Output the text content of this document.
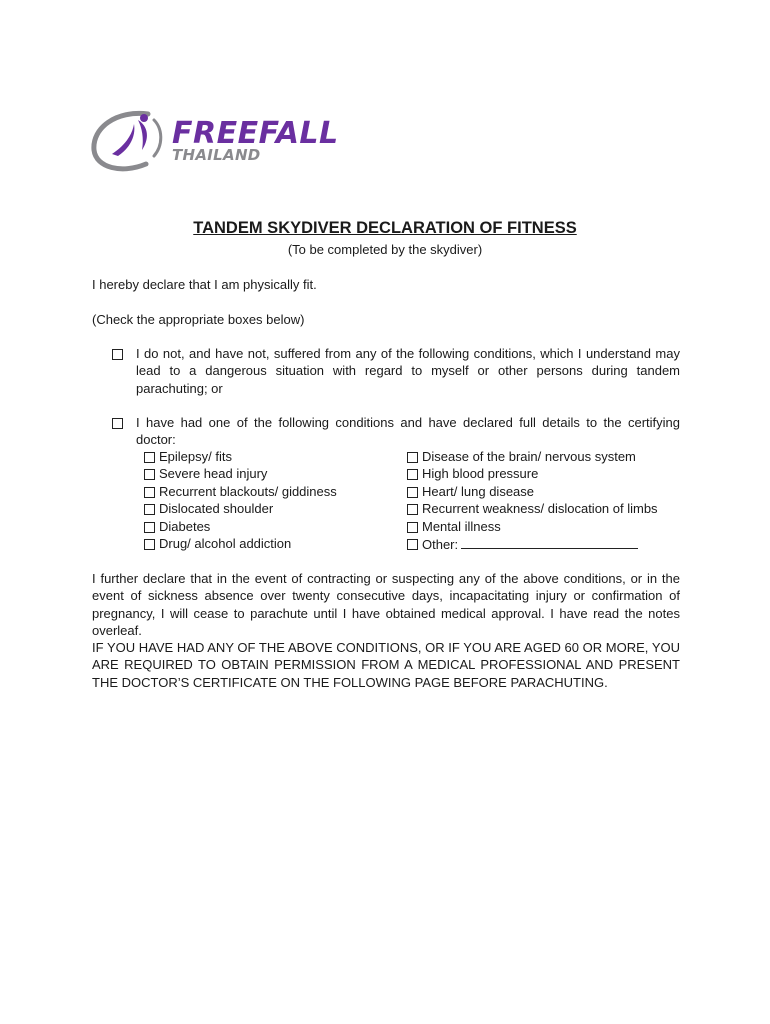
FREEFALL
THAILAND
TANDEM SKYDIVER DECLARATION OF FITNESS
(To be completed by the skydiver)
I hereby declare that I am physically fit.
(Check the appropriate boxes below)
I do not, and have not, suffered from any of the following conditions, which I understand may lead to a dangerous situation with regard to myself or other persons during tandem parachuting; or
I have had one of the following conditions and have declared full details to the certifying doctor:
Epilepsy/ fits
Severe head injury
Recurrent blackouts/ giddiness
Dislocated shoulder
Diabetes
Drug/ alcohol addiction
Disease of the brain/ nervous system
High blood pressure
Heart/ lung disease
Recurrent weakness/ dislocation of limbs
Mental illness
Other:
I further declare that in the event of contracting or suspecting any of the above conditions, or in the event of sickness absence over twenty consecutive days, incapacitating injury or confirmation of pregnancy, I will cease to parachute until I have obtained medical approval. I have read the notes overleaf.
IF YOU HAVE HAD ANY OF THE ABOVE CONDITIONS, OR IF YOU ARE AGED 60 OR MORE, YOU ARE REQUIRED TO OBTAIN PERMISSION FROM A MEDICAL PROFESSIONAL AND PRESENT THE DOCTOR’S CERTIFICATE ON THE FOLLOWING PAGE BEFORE PARACHUTING.
